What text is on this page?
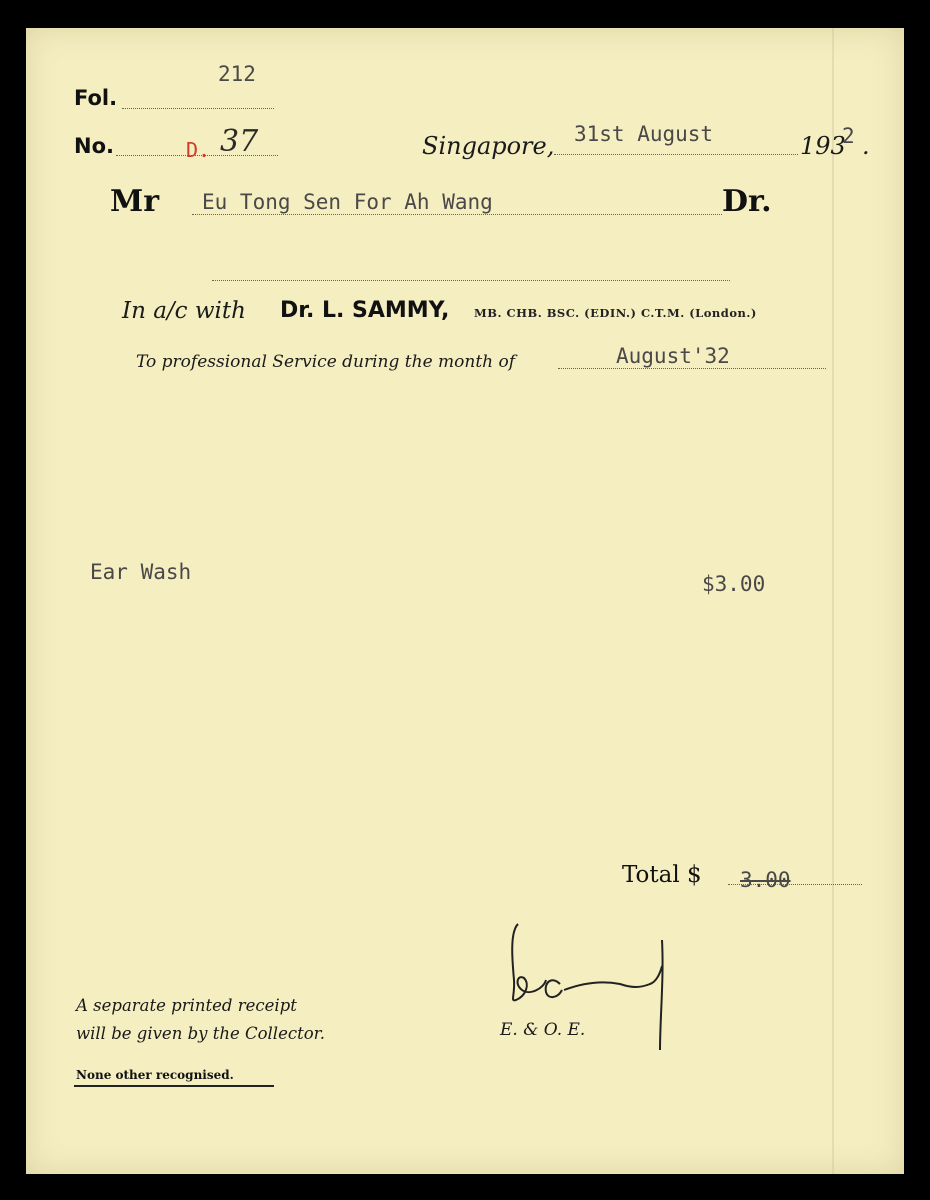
Fol.
212
No.	D. 37	Singapore, 31st August	193
2 .
Mr Eu Tong Sen For Ah Wang	Dr.
In a/c with Dr. L. SAMMY, MB. CHB. BSC. (EDIN.) C.T.M. (London.)
To professional Service during the month of	August'32
Ear Wash	$3.00
Total $ 3.00
A separate printed receipt
will be given by the Collector.
None other recognised.
E. & O. E.
